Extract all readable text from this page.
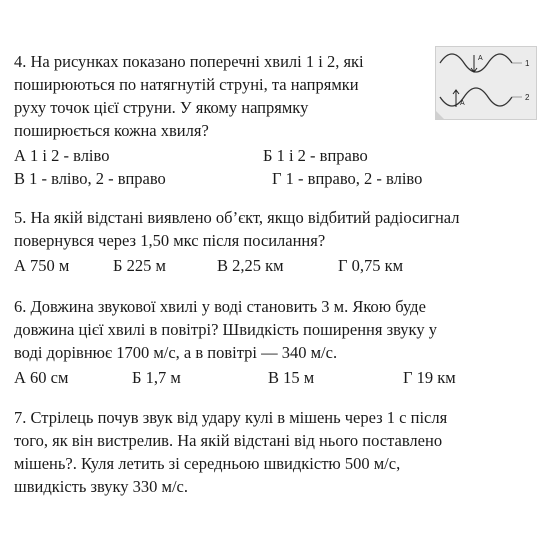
4. На рисунках показано поперечні хвилі 1 і 2, які
поширюються по натягнутій струні, та напрямки
руху точок цієї струни. У якому напрямку
поширюється кожна хвиля?
А 1 і 2 - вліво	Б 1 і 2 - вправо
В 1 - вліво, 2 - вправо	Г 1 - вправо, 2 - вліво
A
1
A
2
5. На якій відстані виявлено об’єкт, якщо відбитий радіосигнал
повернувся через 1,50 мкс після посилання?
А 750 м	Б 225 м	В 2,25 км	Г 0,75 км
6. Довжина звукової хвилі у воді становить 3 м. Якою буде
довжина цієї хвилі в повітрі? Швидкість поширення звуку у
воді дорівнює 1700 м/с, а в повітрі — 340 м/с.
А 60 см	Б 1,7 м	В 15 м	Г 19 км
7. Стрілець почув звук від удару кулі в мішень через 1 с після
того, як він вистрелив. На якій відстані від нього поставлено
мішень?. Куля летить зі середньою швидкістю 500 м/с,
швидкість звуку 330 м/с.
